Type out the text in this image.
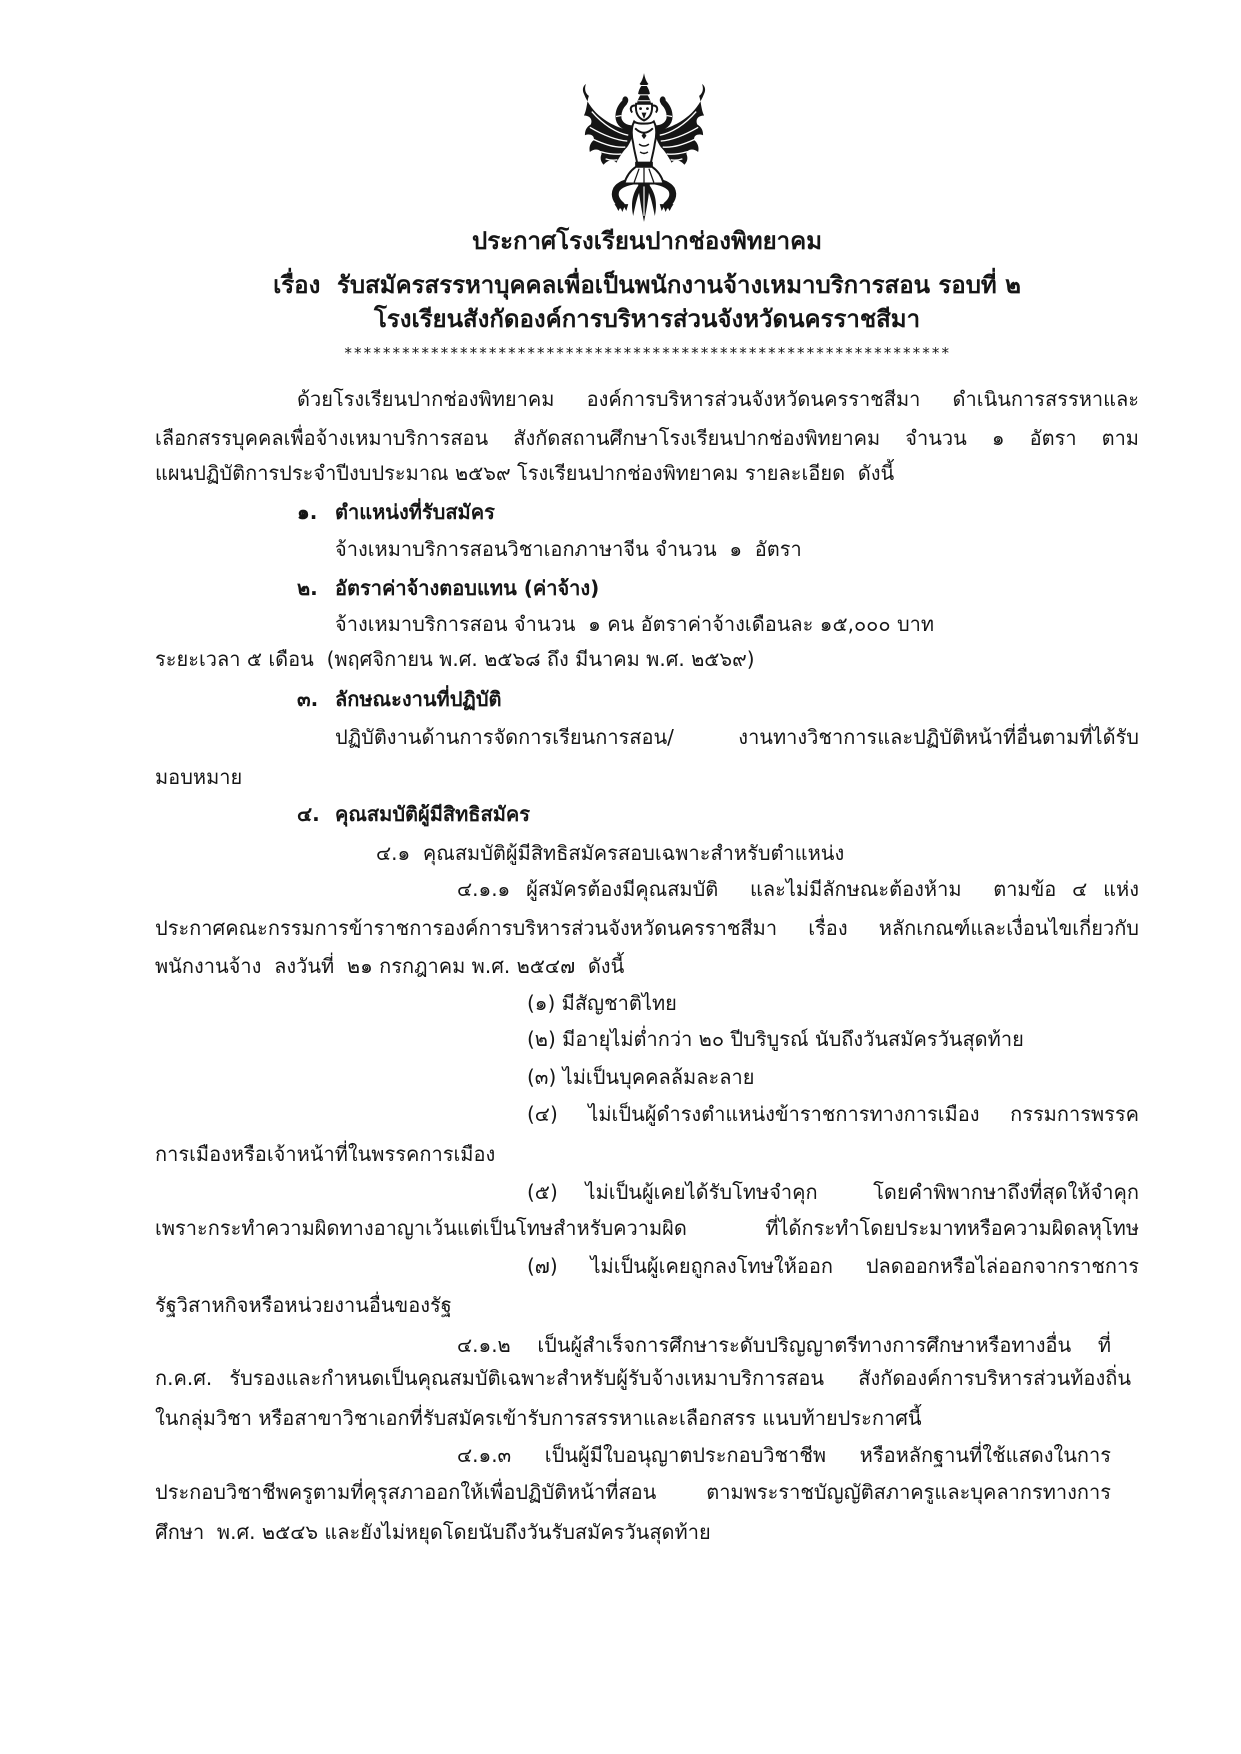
ประกาศโรงเรียนปากช่องพิทยาคม
เรื่อง  รับสมัครสรรหาบุคคลเพื่อเป็นพนักงานจ้างเหมาบริการสอน รอบที่ ๒
โรงเรียนสังกัดองค์การบริหารส่วนจังหวัดนครราชสีมา
***************************************************************
ด้วยโรงเรียนปากช่องพิทยาคม  องค์การบริหารส่วนจังหวัดนครราชสีมา  ดำเนินการสรรหาและ
เลือกสรรบุคคลเพื่อจ้างเหมาบริการสอน  สังกัดสถานศึกษาโรงเรียนปากช่องพิทยาคม  จำนวน  ๑  อัตรา  ตาม
แผนปฏิบัติการประจำปีงบประมาณ ๒๕๖๙ โรงเรียนปากช่องพิทยาคม รายละเอียด  ดังนี้
๑. ตำแหน่งที่รับสมัคร
จ้างเหมาบริการสอนวิชาเอกภาษาจีน จำนวน  ๑  อัตรา
๒. อัตราค่าจ้างตอบแทน (ค่าจ้าง)
จ้างเหมาบริการสอน จำนวน  ๑ คน อัตราค่าจ้างเดือนละ ๑๕,๐๐๐ บาท
ระยะเวลา ๕ เดือน  (พฤศจิกายน พ.ศ. ๒๕๖๘ ถึง มีนาคม พ.ศ. ๒๕๖๙)
๓. ลักษณะงานที่ปฏิบัติ
ปฏิบัติงานด้านการจัดการเรียนการสอน/ งานทางวิชาการและปฏิบัติหน้าที่อื่นตามที่ได้รับ
มอบหมาย
๔. คุณสมบัติผู้มีสิทธิสมัคร
๔.๑  คุณสมบัติผู้มีสิทธิสมัครสอบเฉพาะสำหรับตำแหน่ง
๔.๑.๑ ผู้สมัครต้องมีคุณสมบัติ  และไม่มีลักษณะต้องห้าม  ตามข้อ ๔ แห่ง
ประกาศคณะกรรมการข้าราชการองค์การบริหารส่วนจังหวัดนครราชสีมา  เรื่อง  หลักเกณฑ์และเงื่อนไขเกี่ยวกับ
พนักงานจ้าง  ลงวันที่  ๒๑ กรกฎาคม พ.ศ. ๒๕๔๗  ดังนี้
(๑) มีสัญชาติไทย
(๒) มีอายุไม่ต่ำกว่า ๒๐ ปีบริบูรณ์ นับถึงวันสมัครวันสุดท้าย
(๓) ไม่เป็นบุคคลล้มละลาย
(๔) ไม่เป็นผู้ดำรงตำแหน่งข้าราชการทางการเมือง กรรมการพรรค
การเมืองหรือเจ้าหน้าที่ในพรรคการเมือง
(๕) ไม่เป็นผู้เคยได้รับโทษจำคุก  โดยคำพิพากษาถึงที่สุดให้จำคุก
เพราะกระทำความผิดทางอาญาเว้นแต่เป็นโทษสำหรับความผิด  ที่ได้กระทำโดยประมาทหรือความผิดลหุโทษ
(๗) ไม่เป็นผู้เคยถูกลงโทษให้ออก ปลดออกหรือไล่ออกจากราชการ
รัฐวิสาหกิจหรือหน่วยงานอื่นของรัฐ
๔.๑.๒  เป็นผู้สำเร็จการศึกษาระดับปริญญาตรีทางการศึกษาหรือทางอื่น  ที่
ก.ค.ศ. รับรองและกำหนดเป็นคุณสมบัติเฉพาะสำหรับผู้รับจ้างเหมาบริการสอน  สังกัดองค์การบริหารส่วนท้องถิ่น
ในกลุ่มวิชา หรือสาขาวิชาเอกที่รับสมัครเข้ารับการสรรหาและเลือกสรร แนบท้ายประกาศนี้
๔.๑.๓  เป็นผู้มีใบอนุญาตประกอบวิชาชีพ  หรือหลักฐานที่ใช้แสดงในการ
ประกอบวิชาชีพครูตามที่คุรุสภาออกให้เพื่อปฏิบัติหน้าที่สอน  ตามพระราชบัญญัติสภาครูและบุคลากรทางการ
ศึกษา  พ.ศ. ๒๕๔๖ และยังไม่หยุดโดยนับถึงวันรับสมัครวันสุดท้าย
